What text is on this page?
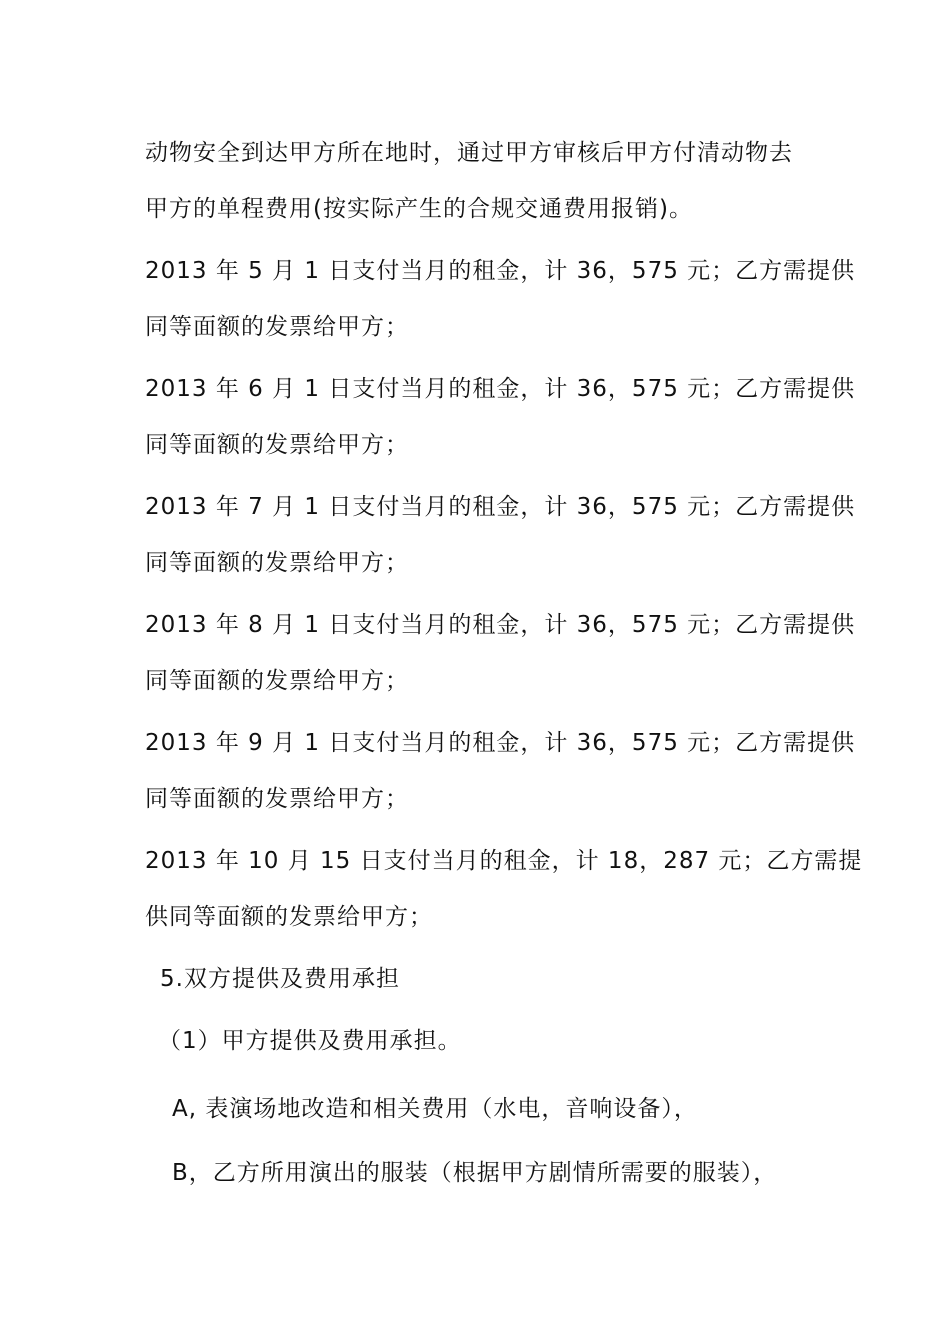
动物安全到达甲方所在地时，通过甲方审核后甲方付清动物去
甲方的单程费用(按实际产生的合规交通费用报销)。
2013 年 5 月 1 日支付当月的租金，计 36，575 元；乙方需提供
同等面额的发票给甲方；
2013 年 6 月 1 日支付当月的租金，计 36，575 元；乙方需提供
同等面额的发票给甲方；
2013 年 7 月 1 日支付当月的租金，计 36，575 元；乙方需提供
同等面额的发票给甲方；
2013 年 8 月 1 日支付当月的租金，计 36，575 元；乙方需提供
同等面额的发票给甲方；
2013 年 9 月 1 日支付当月的租金，计 36，575 元；乙方需提供
同等面额的发票给甲方；
2013 年 10 月 15 日支付当月的租金，计 18，287 元；乙方需提
供同等面额的发票给甲方；
5.双方提供及费用承担
（1）甲方提供及费用承担。
A, 表演场地改造和相关费用（水电，音响设备），
B，乙方所用演出的服装（根据甲方剧情所需要的服装），
